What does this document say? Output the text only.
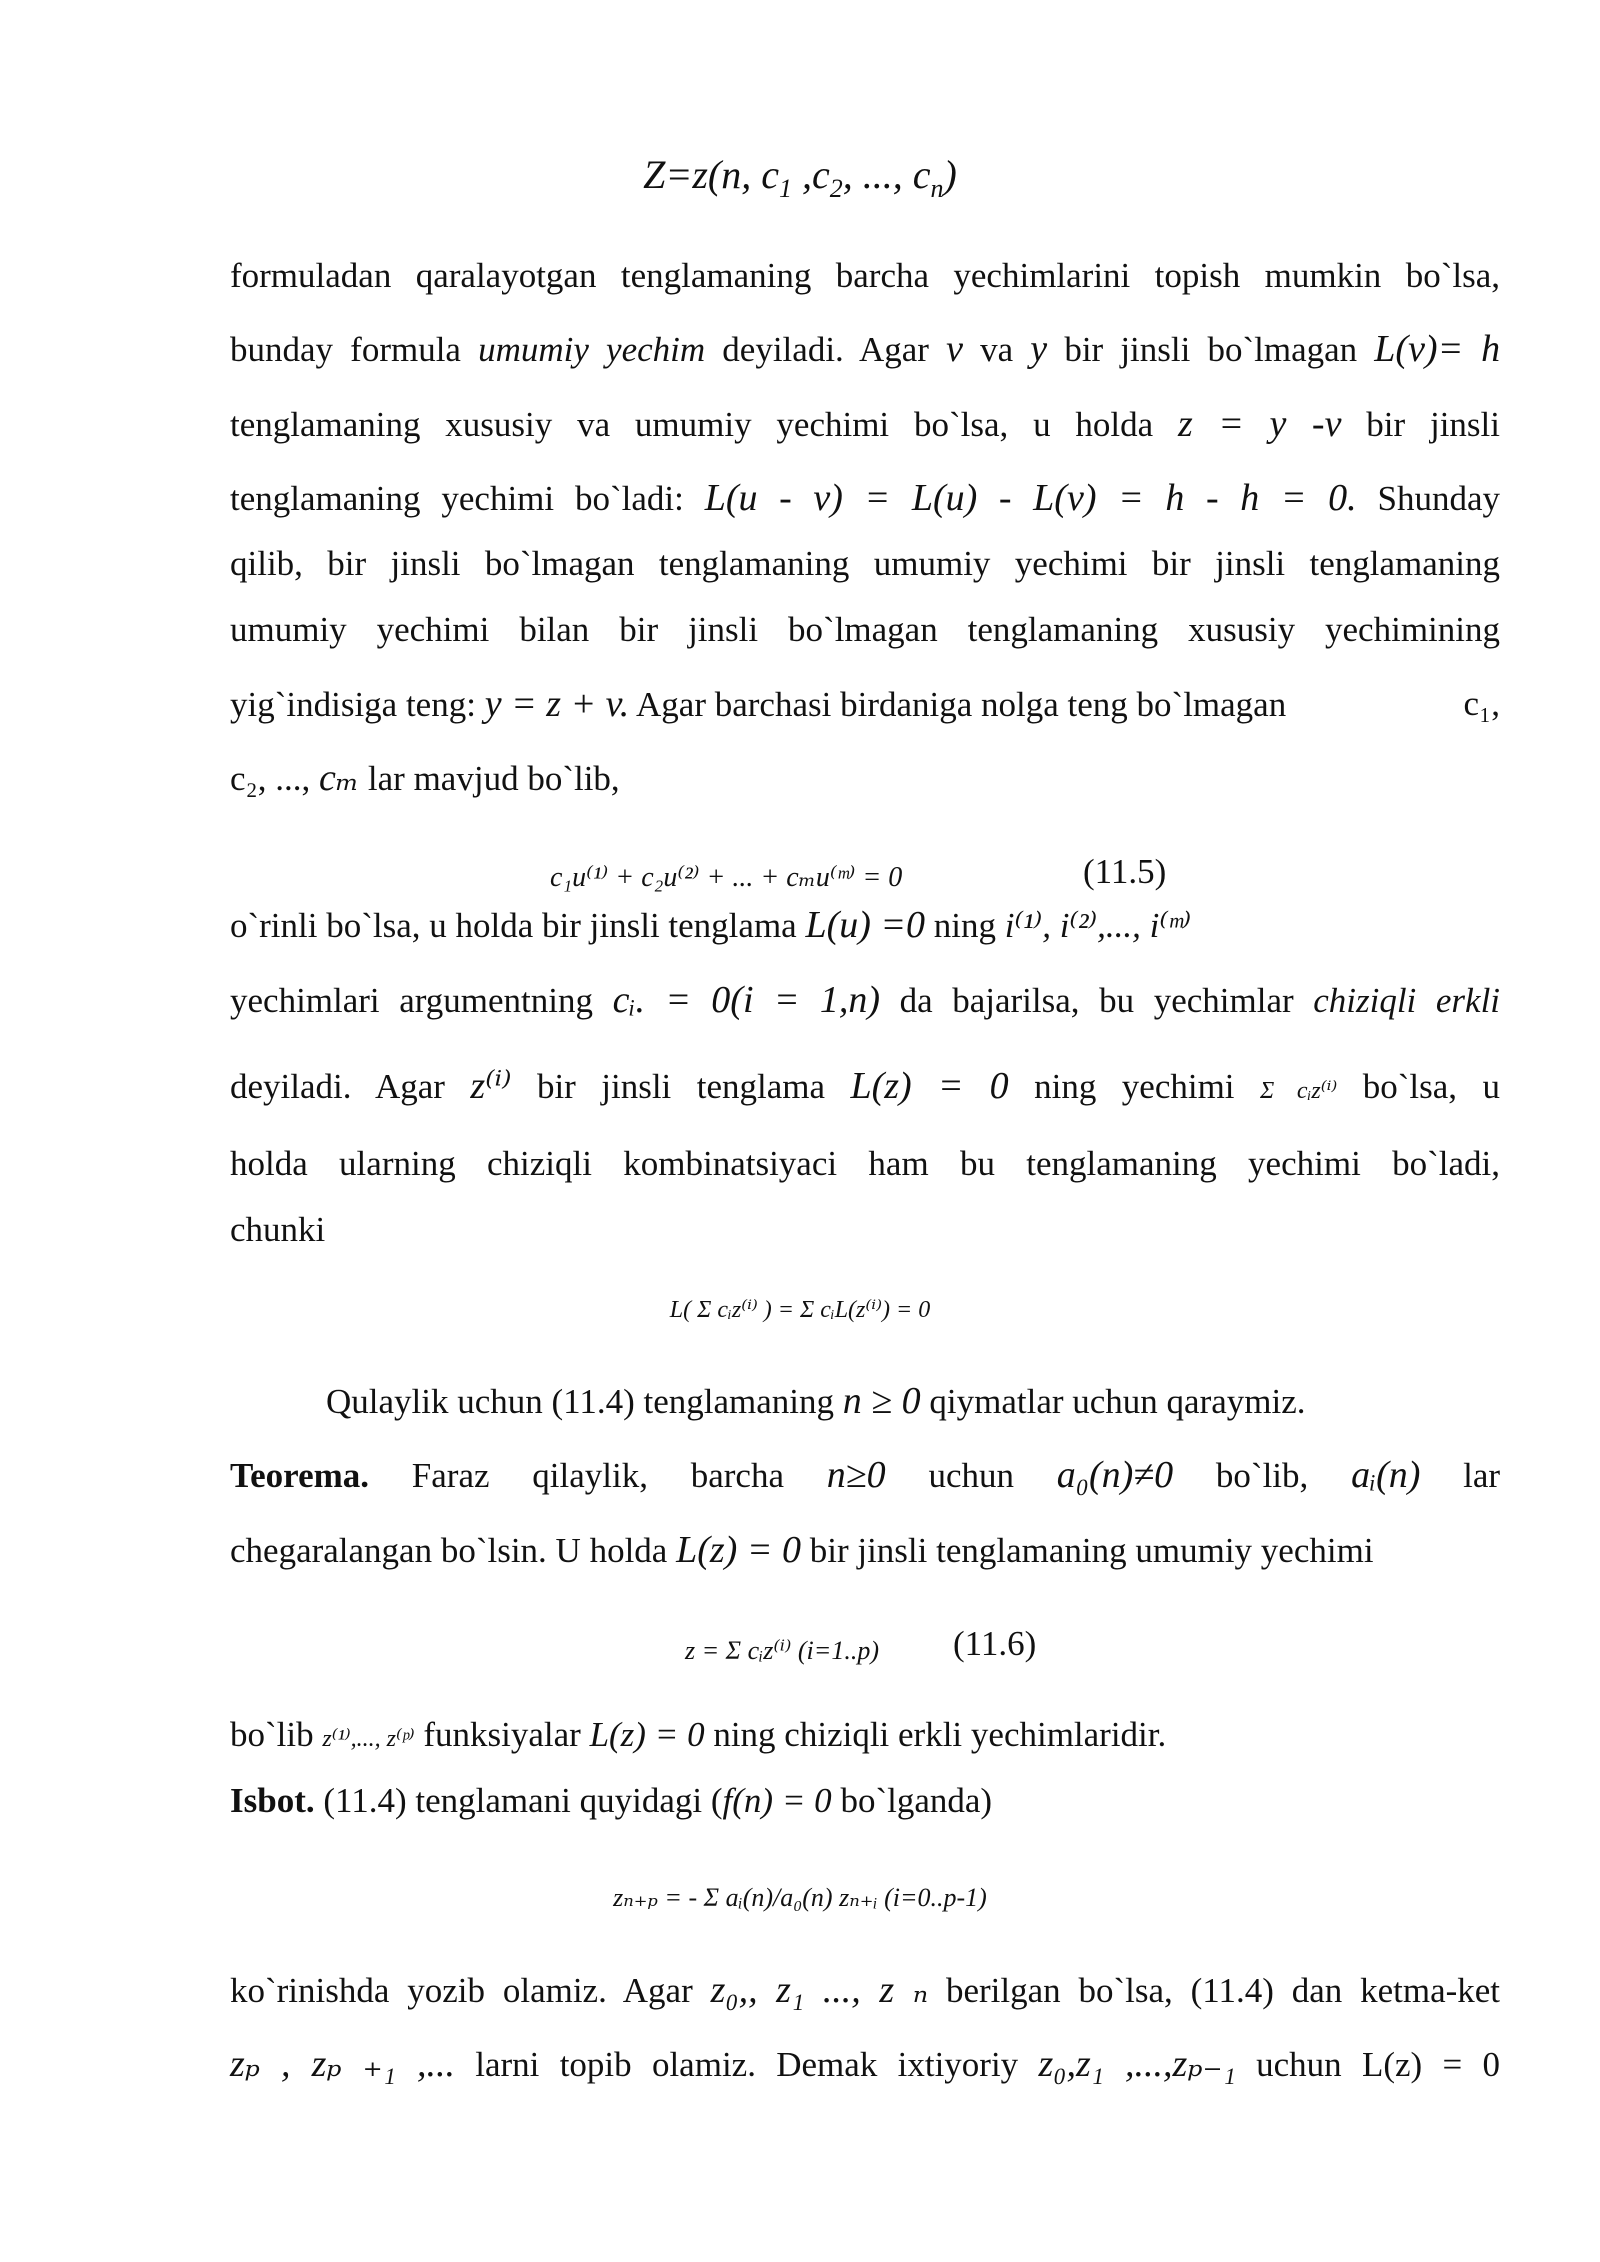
Z=z(n, $c_1$ $,c_2$, ..., $c_n$)
formuladan qaralayotgan tenglamaning barcha yechimlarini topish mumkin bo`lsa,
bunday formula umumiy yechim deyiladi. Agar v va y bir jinsli bo`lmagan L(v)= h
tenglamaning xususiy va umumiy yechimi bo`lsa, u holda z = y -v bir jinsli
tenglamaning yechimi bo`ladi: L(u - v) = L(u) - L(v) = h - h = 0. Shunday
qilib, bir jinsli bo`lmagan tenglamaning umumiy yechimi bir jinsli tenglamaning
umumiy yechimi bilan bir jinsli bo`lmagan tenglamaning xususiy yechimining
yig`indisiga teng: y = z + v. Agar barchasi birdaniga nolga teng bo`lmagan	c₁,
c₂, ..., cₘ lar mavjud bo`lib,
c₁u⁽¹⁾ + c₂u⁽²⁾ + ... + cₘu⁽ᵐ⁾ = 0	(11.5)
o`rinli bo`lsa, u holda bir jinsli tenglama L(u) =0 ning i⁽¹⁾, i⁽²⁾,..., i⁽ᵐ⁾
yechimlari argumentning cᵢ. = 0(i = 1,n) da bajarilsa, bu yechimlar chiziqli erkli
deyiladi. Agar z⁽ⁱ⁾ bir jinsli tenglama L(z) = 0 ning yechimi Σ cᵢz⁽ⁱ⁾ bo`lsa, u
holda ularning chiziqli kombinatsiyaci ham bu tenglamaning yechimi bo`ladi,
chunki
L( Σ cᵢz⁽ⁱ⁾ ) = Σ cᵢL(z⁽ⁱ⁾) = 0
Qulaylik uchun (11.4) tenglamaning n ≥ 0 qiymatlar uchun qaraymiz.
Teorema. Faraz qilaylik, barcha n≥0 uchun a₀(n)≠0 bo`lib, aᵢ(n) lar
chegaralangan bo`lsin. U holda L(z) = 0 bir jinsli tenglamaning umumiy yechimi
z = Σ cᵢz⁽ⁱ⁾ (i=1..p)	(11.6)
bo`lib z⁽¹⁾,..., z⁽ᵖ⁾ funksiyalar L(z) = 0 ning chiziqli erkli yechimlaridir.
Isbot. (11.4) tenglamani quyidagi (f(n) = 0 bo`lganda)
zₙ₊ₚ = - Σ aᵢ(n)/a₀(n) zₙ₊ᵢ (i=0..p-1)
ko`rinishda yozib olamiz. Agar z₀,, z₁ ..., z ₙ berilgan bo`lsa, (11.4) dan ketma-ket
zₚ , zₚ ₊₁ ,... larni topib olamiz. Demak ixtiyoriy z₀,z₁ ,...,zₚ₋₁ uchun L(z) = 0
